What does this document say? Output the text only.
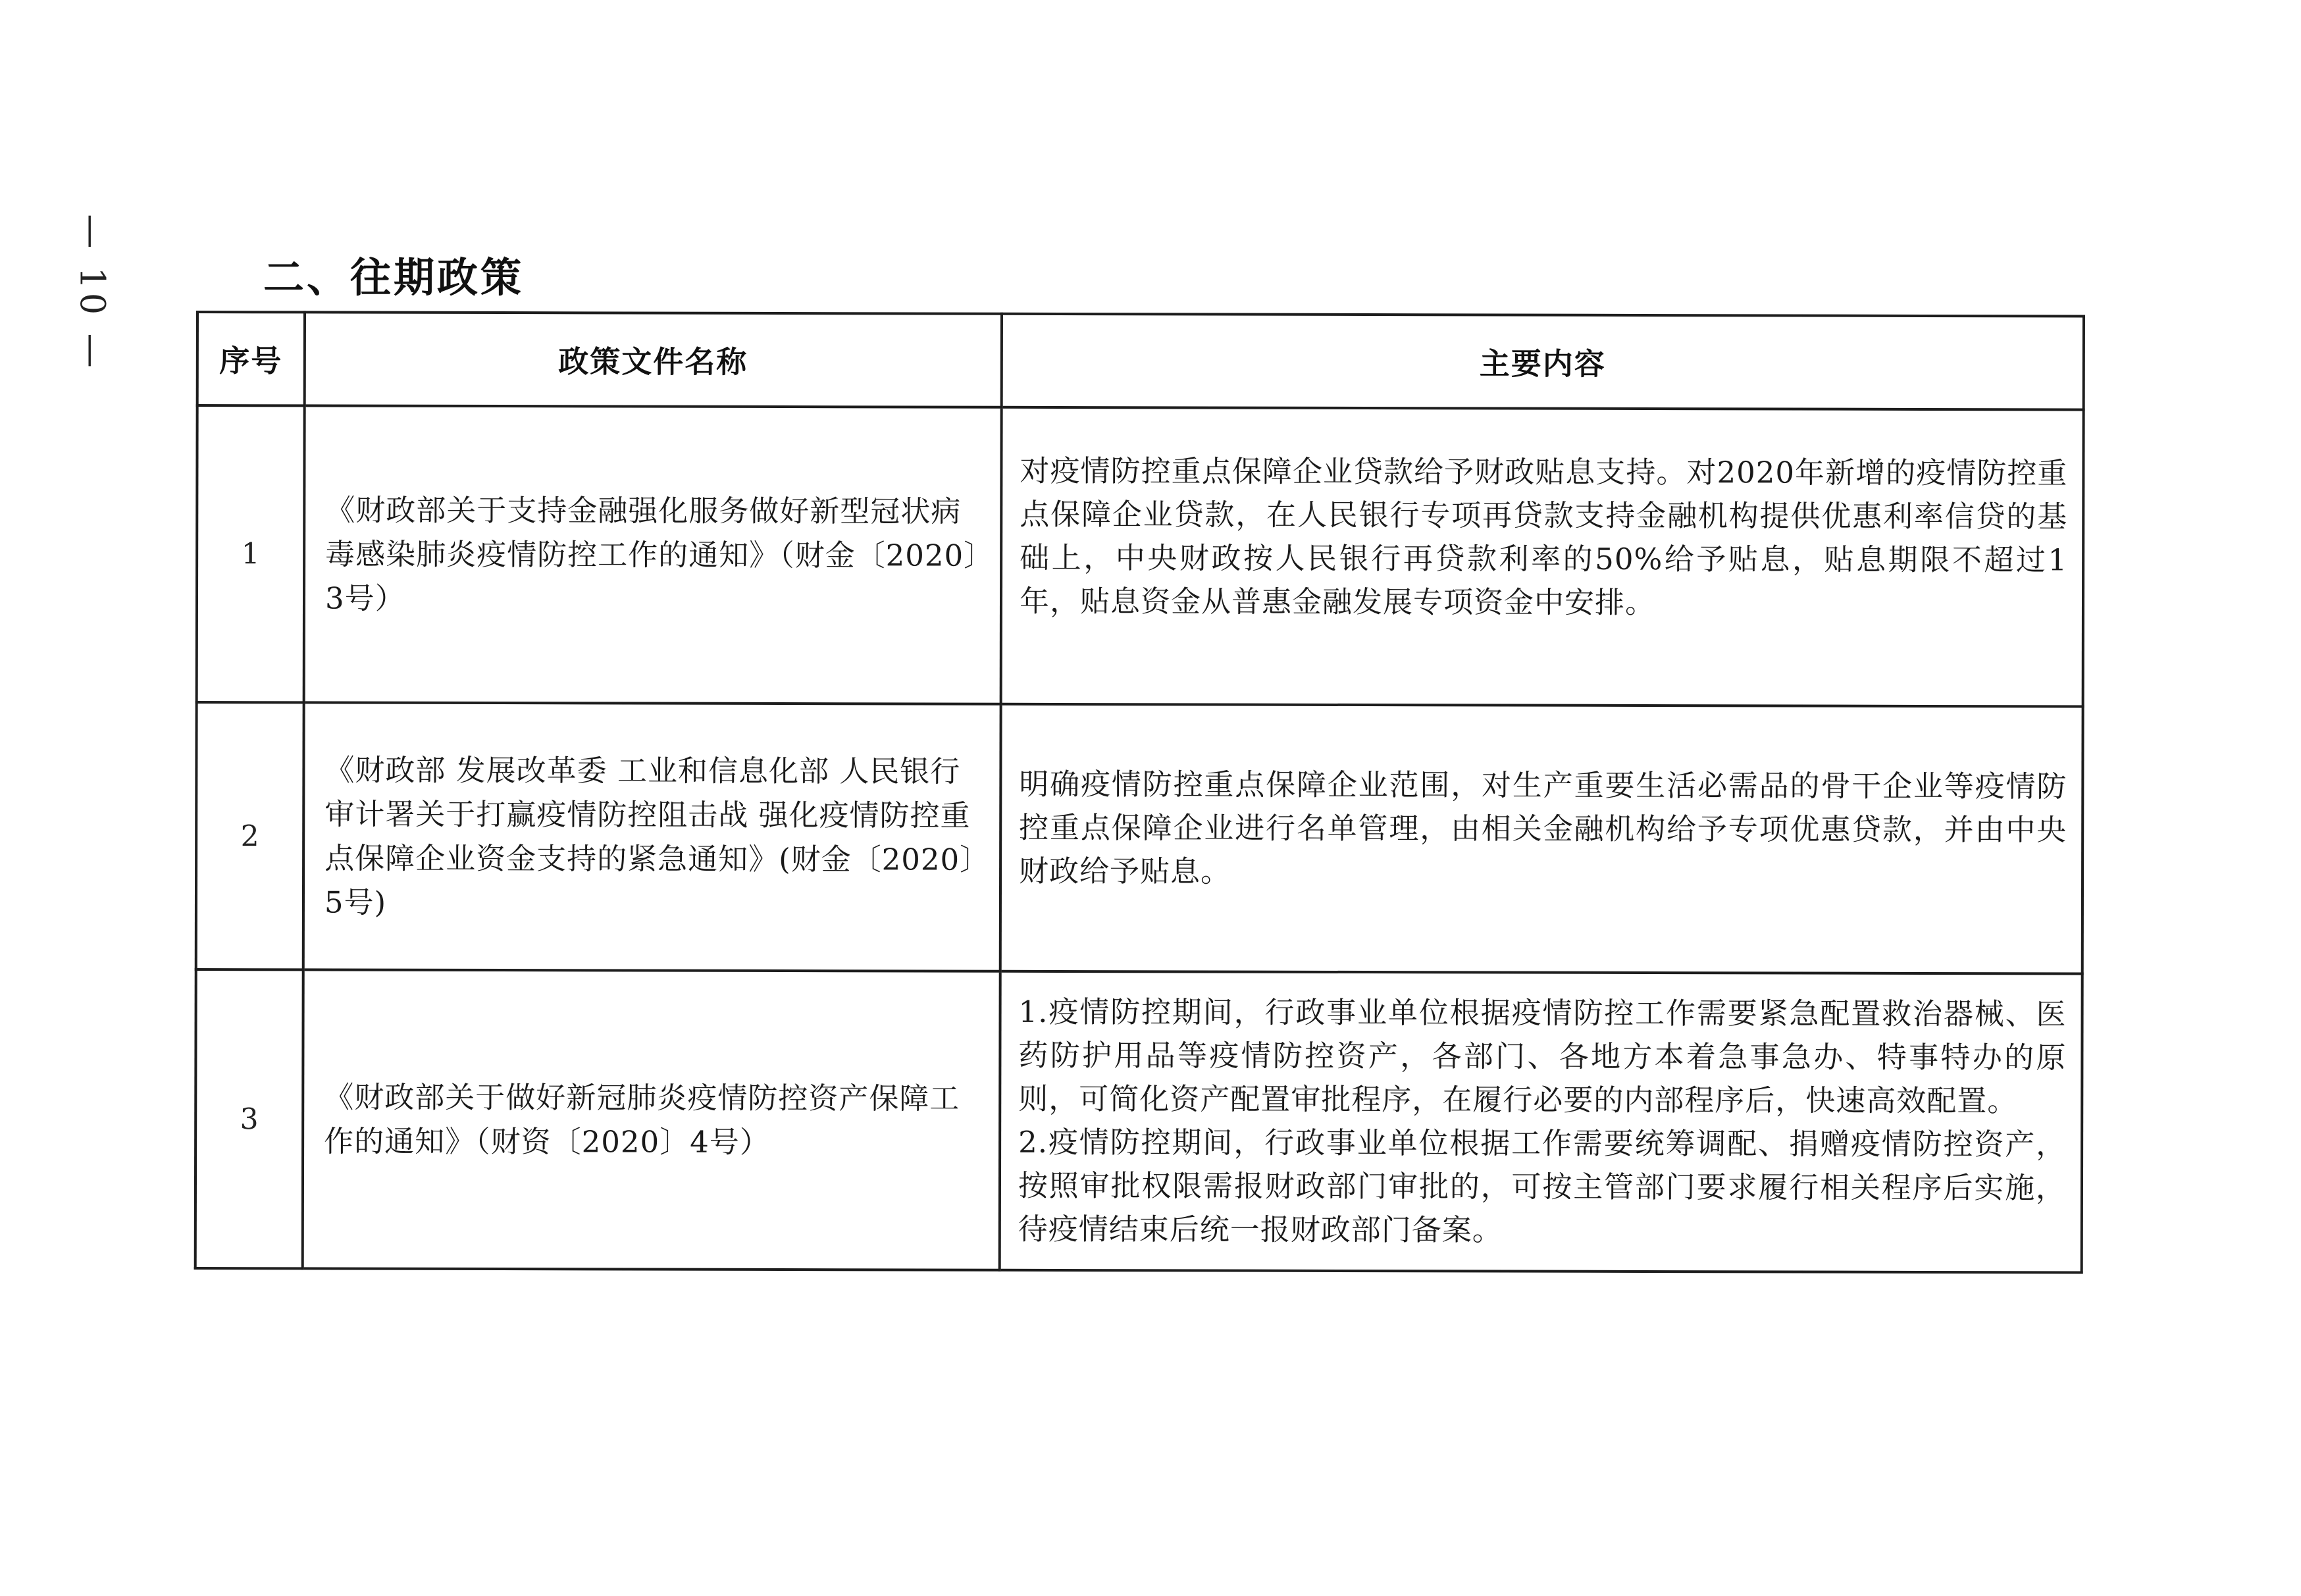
— 10 —	二、往期政策
序号	政策文件名称	主要内容
1	《财政部关于支持金融强化服务做好新型冠状病毒感染肺炎疫情防控工作的通知》（财金〔2020〕3号）	对疫情防控重点保障企业贷款给予财政贴息支持。对2020年新增的疫情防控重点保障企业贷款，在人民银行专项再贷款支持金融机构提供优惠利率信贷的基础上，中央财政按人民银行再贷款利率的50%给予贴息，贴息期限不超过1年，贴息资金从普惠金融发展专项资金中安排。

2	《财政部 发展改革委 工业和信息化部 人民银行 审计署关于打赢疫情防控阻击战 强化疫情防控重点保障企业资金支持的紧急通知》(财金〔2020〕5号)	明确疫情防控重点保障企业范围，对生产重要生活必需品的骨干企业等疫情防控重点保障企业进行名单管理，由相关金融机构给予专项优惠贷款，并由中央财政给予贴息。

3	《财政部关于做好新冠肺炎疫情防控资产保障工作的通知》（财资〔2020〕4号）	1.疫情防控期间，行政事业单位根据疫情防控工作需要紧急配置救治器械、医药防护用品等疫情防控资产，各部门、各地方本着急事急办、特事特办的原则，可简化资产配置审批程序，在履行必要的内部程序后，快速高效配置。
2.疫情防控期间，行政事业单位根据工作需要统筹调配、捐赠疫情防控资产，按照审批权限需报财政部门审批的，可按主管部门要求履行相关程序后实施，待疫情结束后统一报财政部门备案。
